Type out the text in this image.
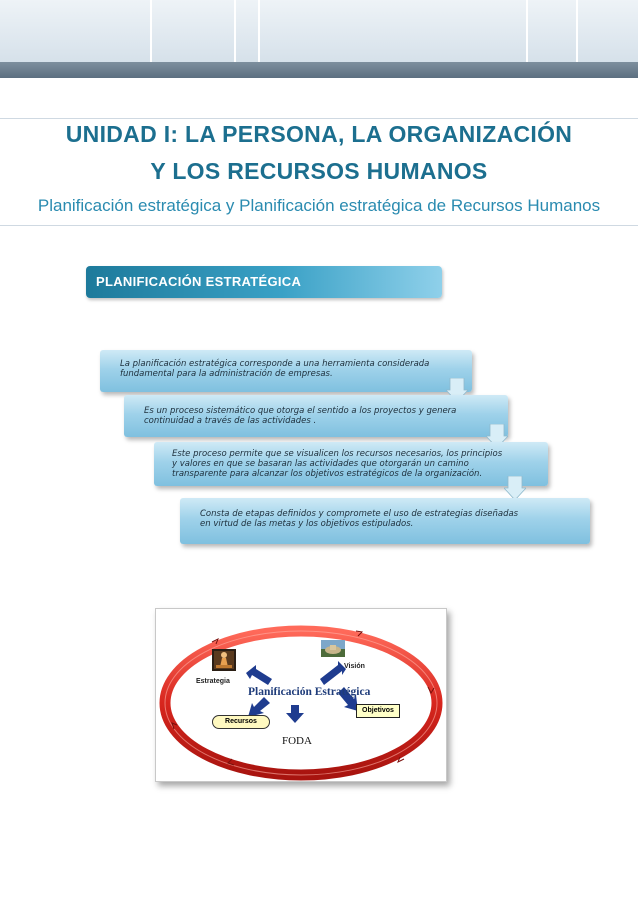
UNIDAD I: LA PERSONA, LA ORGANIZACIÓN
Y LOS RECURSOS HUMANOS

Planificación estratégica y Planificación estratégica de Recursos Humanos

PLANIFICACIÓN ESTRATÉGICA

La planificación estratégica corresponde a una herramienta considerada

fundamental para la administración de empresas.

Es un proceso sistemático que otorga el sentido a los proyectos y genera

continuidad a través de las actividades .

Este proceso permite que se visualicen los recursos necesarios, los principios

y valores en que se basaran las actividades que otorgarán un camino

transparente para alcanzar los objetivos estratégicos de la organización.

Consta de etapas definidos y compromete el uso de estrategias diseñadas

en virtud de las metas y los objetivos estipulados.

Estrategia
Visión
Planificación Estratégica
Objetivos
Recursos
FODA
